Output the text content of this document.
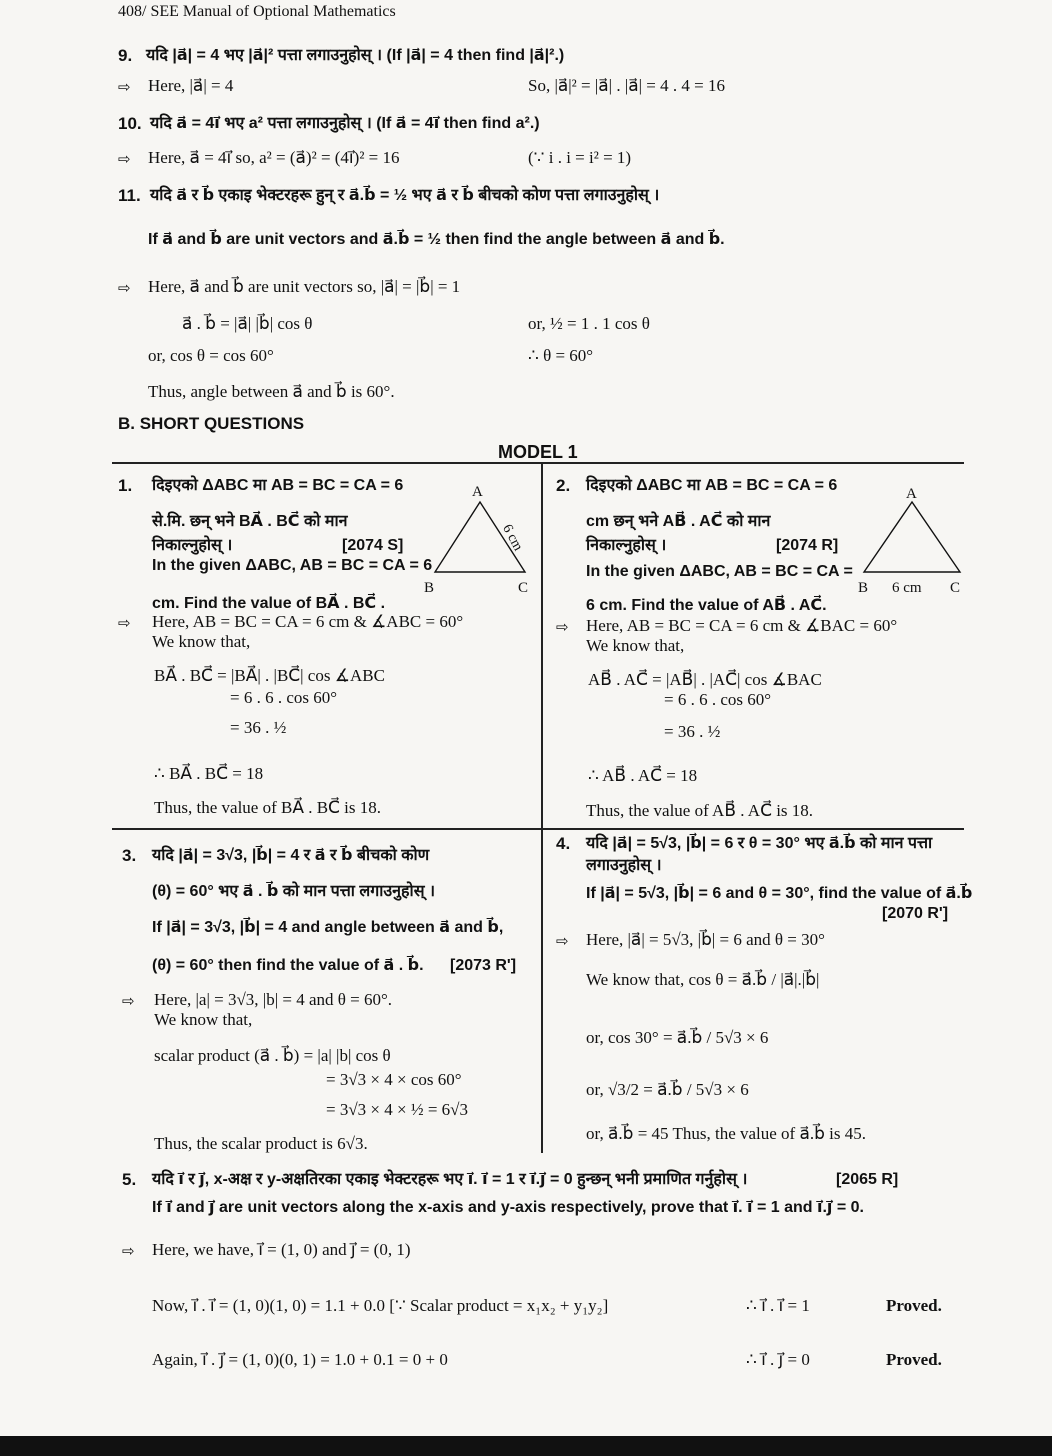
408/ SEE Manual of Optional Mathematics
9. यदि |a⃗| = 4 भए |a⃗|² पत्ता लगाउनुहोस् । (If |a⃗| = 4 then find |a⃗|².)
⇨ Here, |a⃗| = 4	So, |a⃗|² = |a⃗| . |a⃗| = 4 . 4 = 16
10. यदि a⃗ = 4i⃗ भए a² पत्ता लगाउनुहोस् । (If a⃗ = 4i⃗ then find a².)
⇨ Here, a⃗ = 4i⃗ so, a² = (a⃗)² = (4i⃗)² = 16	(∵ i . i = i² = 1)
11. यदि a⃗ र b⃗ एकाइ भेक्टरहरू हुन् र a⃗.b⃗ = ½ भए a⃗ र b⃗ बीचको कोण पत्ता लगाउनुहोस् ।
If a⃗ and b⃗ are unit vectors and a⃗.b⃗ = ½ then find the angle between a⃗ and b⃗.
⇨ Here, a⃗ and b⃗ are unit vectors so, |a⃗| = |b⃗| = 1
a⃗ . b⃗ = |a⃗| |b⃗| cos θ	or, ½ = 1 . 1 cos θ
or, cos θ = cos 60°	∴ θ = 60°
Thus, angle between a⃗ and b⃗ is 60°.
B. SHORT QUESTIONS
MODEL 1
1. दिइएको ΔABC मा AB = BC = CA = 6
से.मि. छन् भने BA⃗ . BC⃗ को मान
निकाल्नुहोस् ।	[2074 S]
In the given ΔABC, AB = BC = CA = 6
cm. Find the value of BA⃗ . BC⃗ .
A
B	C
6 cm
⇨ Here, AB = BC = CA = 6 cm & ∡ABC = 60°
We know that,
BA⃗ . BC⃗ = |BA⃗| . |BC⃗| cos ∡ABC
= 6 . 6 . cos 60°
= 36 . ½
∴ BA⃗ . BC⃗ = 18
Thus, the value of BA⃗ . BC⃗ is 18.
2. दिइएको ΔABC मा AB = BC = CA = 6
cm छन् भने AB⃗ . AC⃗ को मान
निकाल्नुहोस् ।	[2074 R]
In the given ΔABC, AB = BC = CA =
6 cm. Find the value of AB⃗ . AC⃗.
A
B	C
6 cm
⇨ Here, AB = BC = CA = 6 cm & ∡BAC = 60°
We know that,
AB⃗ . AC⃗ = |AB⃗| . |AC⃗| cos ∡BAC
= 6 . 6 . cos 60°
= 36 . ½
∴ AB⃗ . AC⃗ = 18
Thus, the value of AB⃗ . AC⃗ is 18.
3. यदि |a⃗| = 3√3, |b⃗| = 4 र a⃗ र b⃗ बीचको कोण
(θ) = 60° भए a⃗ . b⃗ को मान पत्ता लगाउनुहोस् ।
If |a⃗| = 3√3, |b⃗| = 4 and angle between a⃗ and b⃗,
(θ) = 60° then find the value of a⃗ . b⃗. [2073 R']
⇨ Here, |a| = 3√3, |b| = 4 and θ = 60°.
We know that,
scalar product (a⃗ . b⃗) = |a| |b| cos θ
= 3√3 × 4 × cos 60°
= 3√3 × 4 × ½ = 6√3
Thus, the scalar product is 6√3.
4. यदि |a⃗| = 5√3, |b⃗| = 6 र θ = 30° भए a⃗.b⃗ को मान पत्ता
लगाउनुहोस् ।
If |a⃗| = 5√3, |b⃗| = 6 and θ = 30°, find the value of a⃗.b⃗
[2070 R']
⇨ Here, |a⃗| = 5√3, |b⃗| = 6 and θ = 30°
We know that, cos θ = a⃗.b⃗ / |a⃗|.|b⃗|
or, cos 30° = a⃗.b⃗ / 5√3 × 6
or, √3/2 = a⃗.b⃗ / 5√3 × 6
or, a⃗.b⃗ = 45 Thus, the value of a⃗.b⃗ is 45.
5. यदि i⃗ र j⃗, x-अक्ष र y-अक्षतिरका एकाइ भेक्टरहरू भए i⃗. i⃗ = 1 र i⃗.j⃗ = 0 हुन्छन् भनी प्रमाणित गर्नुहोस् ।	[2065 R]
If i⃗ and j⃗ are unit vectors along the x-axis and y-axis respectively, prove that i⃗. i⃗ = 1 and i⃗.j⃗ = 0.
⇨ Here, we have, i⃗ = (1, 0) and j⃗ = (0, 1)
Now, i⃗ . i⃗ = (1, 0)(1, 0) = 1.1 + 0.0 [∵ Scalar product = x₁x₂ + y₁y₂]	∴ i⃗ . i⃗ = 1	Proved.
Again, i⃗ . j⃗ = (1, 0)(0, 1) = 1.0 + 0.1 = 0 + 0	∴ i⃗ . j⃗ = 0	Proved.
